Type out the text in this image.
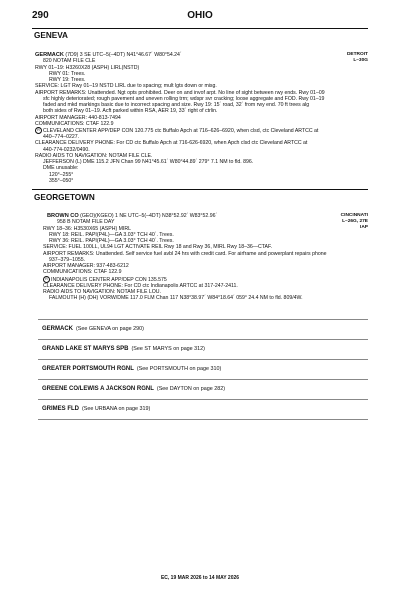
290	OHIO
GENEVA
DETROIT
L–30G
GERMACK (7D9) 3 SE UTC–5(–4DT) N41°46.67´ W80°54.24´
820 NOTAM FILE CLE
RWY 01–19: H3260X28 (ASPH) LIRL(NSTD)
RWY 01: Trees.
RWY 19: Trees.
SERVICE: LGT Rwy 01–19 NSTD LIRL due to spacing; mult lgts down or misg.
AIRPORT REMARKS: Unattended. Ngt opts prohibited. Deer on and invof arpt. No line of sight between rwy ends. Rwy 01–09
sfc highly deteriorated; rough pavement and uneven rolling trrn; wdspr svr cracking; loose aggregate and FOD. Rwy 01–19
faded and mkd markings basic due to incorrect spacing and size. Rwy 19: 15´ road, 32´ from rwy end. 70 ft trees alg
both sides of Rwy 01–19. Acft parked within RSA, AER 19, 33´ right of ctrlin.
AIRPORT MANAGER: 440-813-7494
COMMUNICATIONS: CTAF 122.9
R CLEVELAND CENTER APP/DEP CON 120.775 ctc Buffalo Apch at 716–626–6920, when clsd, ctc Cleveland ARTCC at
440–774–0227.
CLEARANCE DELIVERY PHONE: For CD ctc Buffalo Apch at 716-626-6920, when Apch clsd ctc Cleveland ARTCC at
440-774-0232/0490.
RADIO AIDS TO NAVIGATION: NOTAM FILE CLE.
JEFFERSON (L) DME 115.2 JFN Chan 99 N41°45.61´ W80°44.89´ 279° 7.1 NM to fld. 896.
DME unusable:
120°–255°
355°–050°
GEORGETOWN
CINCINNATI
L–26G, 27E
IAP
BROWN CO (GEO)(KGEO) 1 NE UTC–5(–4DT) N38°52.92´ W83°52.96´
958 B NOTAM FILE DAY
RWY 18–36: H3530X65 (ASPH) MIRL
RWY 18: REIL. PAPI(P4L)—GA 3.03° TCH 40´. Trees.
RWY 36: REIL. PAPI(P4L)—GA 3.03° TCH 40´. Trees.
SERVICE: FUEL 100LL, UL94 LGT ACTIVATE REIL Rwy 18 and Rwy 36, MIRL Rwy 18–36—CTAF.
AIRPORT REMARKS: Unattended. Self service fuel avbl 24 hrs with credit card. For airframe and powerplant repairs phone
937–379–1055.
AIRPORT MANAGER: 937-483-6212
COMMUNICATIONS: CTAF 122.9
R INDIANAPOLIS CENTER APP/DEP CON 135.575
CLEARANCE DELIVERY PHONE: For CD ctc Indianapolis ARTCC at 317-247-2411.
RADIO AIDS TO NAVIGATION: NOTAM FILE LOU.
FALMOUTH (H) (DH) VORW/DME 117.0 FLM Chan 117 N38°38.97´ W84°18.64´ 059° 24.4 NM to fld. 809/4W.
GERMACK (See GENEVA on page 290)
GRAND LAKE ST MARYS SPB (See ST MARYS on page 312)
GREATER PORTSMOUTH RGNL (See PORTSMOUTH on page 310)
GREENE CO/LEWIS A JACKSON RGNL (See DAYTON on page 282)
GRIMES FLD (See URBANA on page 319)
EC, 19 MAR 2026 to 14 MAY 2026
